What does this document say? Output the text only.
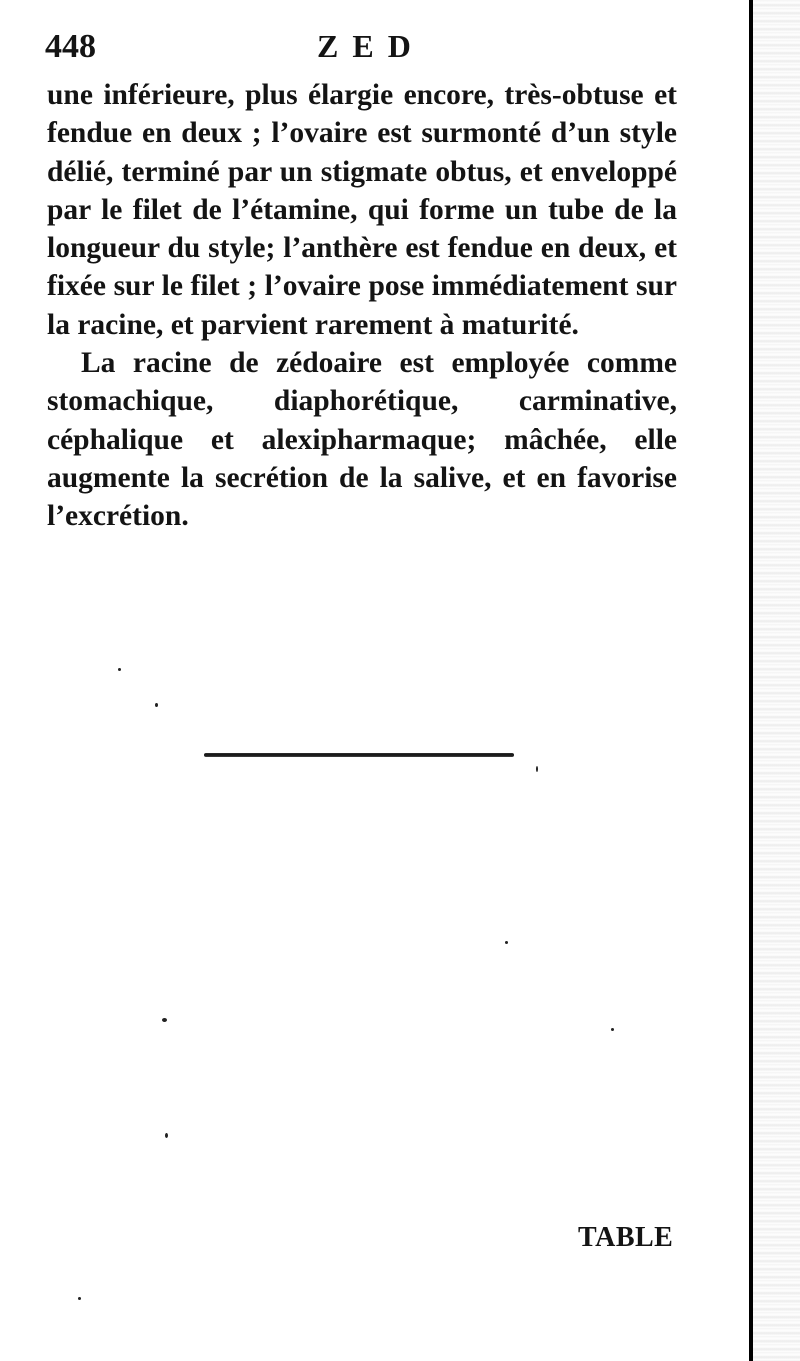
448	ZED

une inférieure, plus élargie encore, très-obtuse et fendue en deux ; l’ovaire est surmonté d’un style délié, terminé par un stigmate obtus, et enveloppé par le filet de l’étamine, qui forme un tube de la longueur du style; l’anthère est fendue en deux, et fixée sur le filet ; l’ovaire pose immédiatement sur la racine, et parvient rarement à maturité.

La racine de zédoaire est employée comme stomachique, diaphorétique, carminative, céphalique et alexipharmaque; mâchée, elle augmente la secrétion de la salive, et en favorise l’excrétion.

TABLE
